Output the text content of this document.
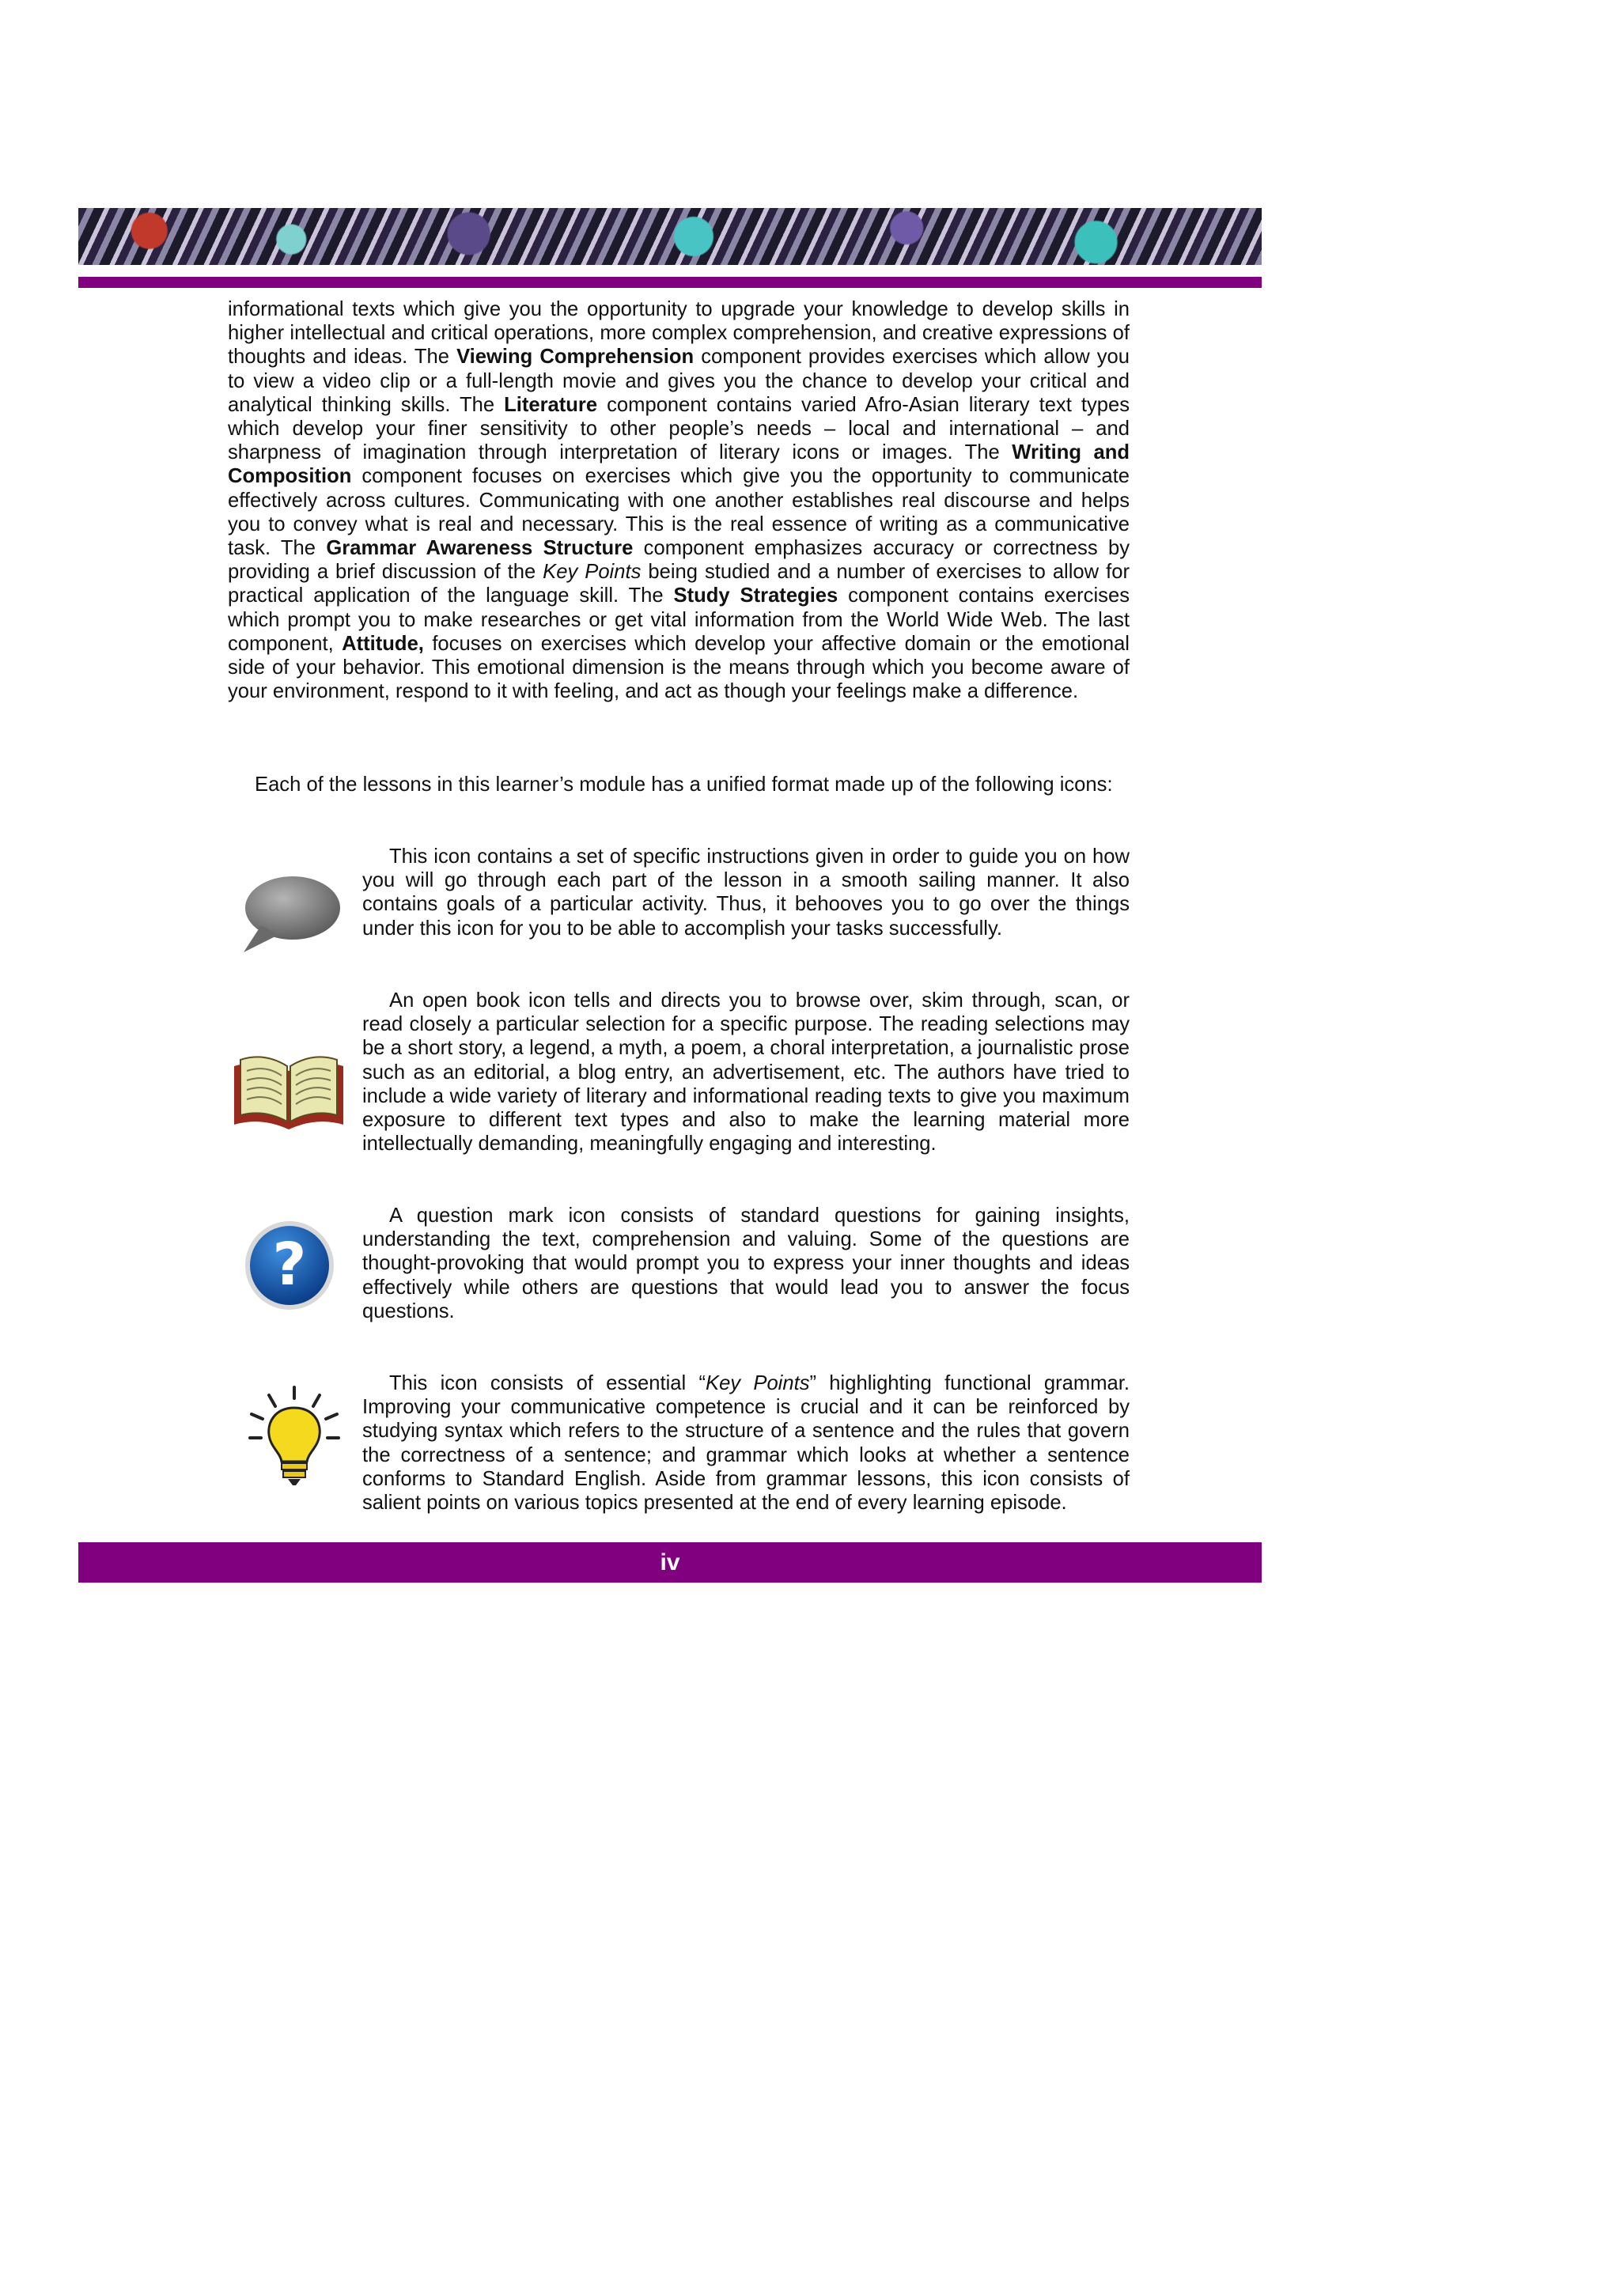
informational texts which give you the opportunity to upgrade your knowledge to develop skills in higher intellectual and critical operations, more complex comprehension, and creative expressions of thoughts and ideas. The Viewing Comprehension component provides exercises which allow you to view a video clip or a full-length movie and gives you the chance to develop your critical and analytical thinking skills. The Literature component contains varied Afro-Asian literary text types which develop your finer sensitivity to other people’s needs – local and international – and sharpness of imagination through interpretation of literary icons or images. The Writing and Composition component focuses on exercises which give you the opportunity to communicate effectively across cultures. Communicating with one another establishes real discourse and helps you to convey what is real and necessary. This is the real essence of writing as a communicative task. The Grammar Awareness Structure component emphasizes accuracy or correctness by providing a brief discussion of the Key Points being studied and a number of exercises to allow for practical application of the language skill. The Study Strategies component contains exercises which prompt you to make researches or get vital information from the World Wide Web. The last component, Attitude, focuses on exercises which develop your affective domain or the emotional side of your behavior. This emotional dimension is the means through which you become aware of your environment, respond to it with feeling, and act as though your feelings make a difference.

Each of the lessons in this learner’s module has a unified format made up of the following icons:

This icon contains a set of specific instructions given in order to guide you on how you will go through each part of the lesson in a smooth sailing manner. It also contains goals of a particular activity. Thus, it behooves you to go over the things under this icon for you to be able to accomplish your tasks successfully.

An open book icon tells and directs you to browse over, skim through, scan, or read closely a particular selection for a specific purpose. The reading selections may be a short story, a legend, a myth, a poem, a choral interpretation, a journalistic prose such as an editorial, a blog entry, an advertisement, etc. The authors have tried to include a wide variety of literary and informational reading texts to give you maximum exposure to different text types and also to make the learning material more intellectually demanding, meaningfully engaging and interesting.

?

A question mark icon consists of standard questions for gaining insights, understanding the text, comprehension and valuing. Some of the questions are thought-provoking that would prompt you to express your inner thoughts and ideas effectively while others are questions that would lead you to answer the focus questions.

This icon consists of essential “Key Points” highlighting functional grammar. Improving your communicative competence is crucial and it can be reinforced by studying syntax which refers to the structure of a sentence and the rules that govern the correctness of a sentence; and grammar which looks at whether a sentence conforms to Standard English. Aside from grammar lessons, this icon consists of salient points on various topics presented at the end of every learning episode.

iv
